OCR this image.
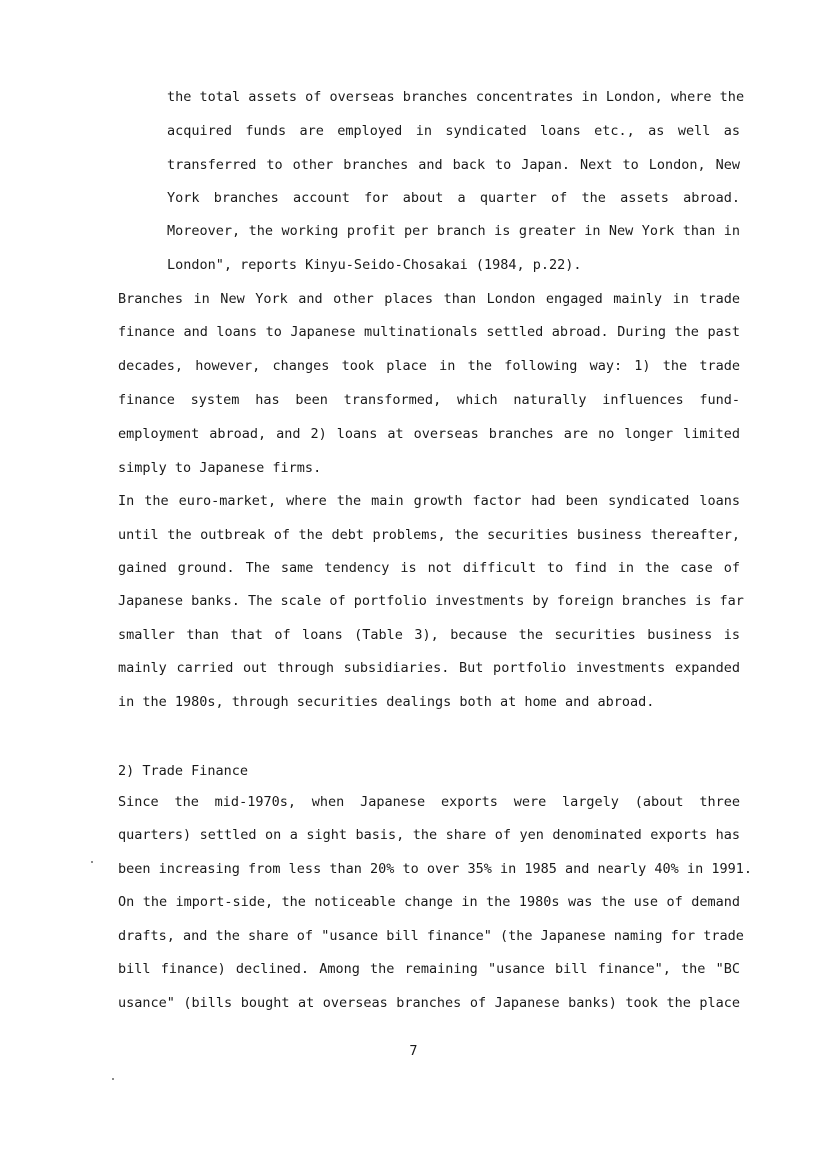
the total assets of overseas branches concentrates in London, where the
acquired funds are employed in syndicated loans etc., as well as
transferred to other branches and back to Japan. Next to London, New
York branches account for about a quarter of the assets abroad.
Moreover, the working profit per branch is greater in New York than in
London", reports Kinyu-Seido-Chosakai (1984, p.22).
Branches in New York and other places than London engaged mainly in trade
finance and loans to Japanese multinationals settled abroad. During the past
decades, however, changes took place in the following way: 1) the trade
finance system has been transformed, which naturally influences fund-
employment abroad, and 2) loans at overseas branches are no longer limited
simply to Japanese firms.
In the euro-market, where the main growth factor had been syndicated loans
until the outbreak of the debt problems, the securities business thereafter,
gained ground. The same tendency is not difficult to find in the case of
Japanese banks. The scale of portfolio investments by foreign branches is far
smaller than that of loans (Table 3), because the securities business is
mainly carried out through subsidiaries. But portfolio investments expanded
in the 1980s, through securities dealings both at home and abroad.
2) Trade Finance
Since the mid-1970s, when Japanese exports were largely (about three
quarters) settled on a sight basis, the share of yen denominated exports has
been increasing from less than 20% to over 35% in 1985 and nearly 40% in 1991.
On the import-side, the noticeable change in the 1980s was the use of demand
drafts, and the share of "usance bill finance" (the Japanese naming for trade
bill finance) declined. Among the remaining "usance bill finance", the "BC
usance" (bills bought at overseas branches of Japanese banks) took the place
7
